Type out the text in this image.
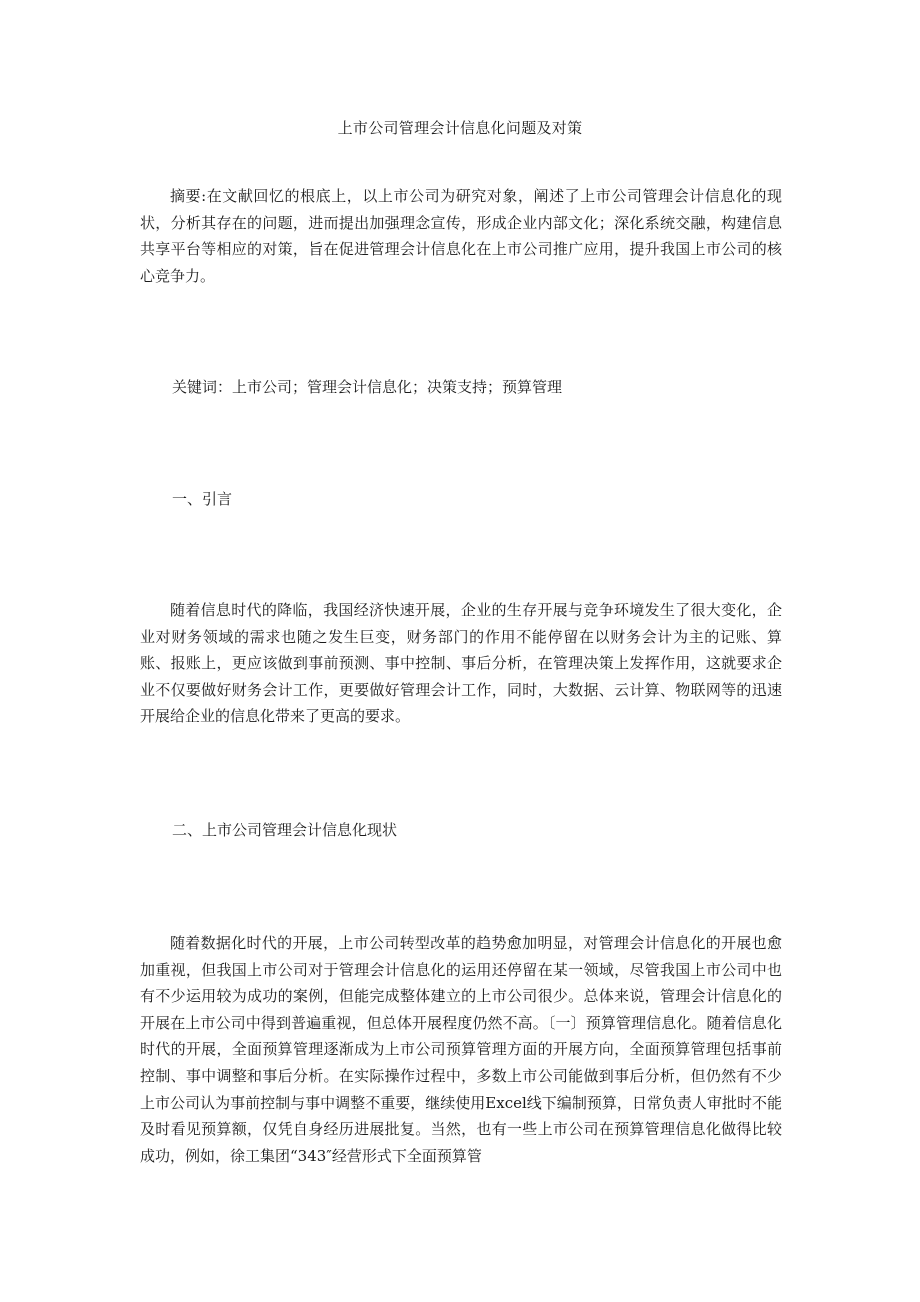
上市公司管理会计信息化问题及对策

摘要:在文献回忆的根底上，以上市公司为研究对象，阐述了上市公司管理会计信息化的现状，分析其存在的问题，进而提出加强理念宣传，形成企业内部文化；深化系统交融，构建信息共享平台等相应的对策，旨在促进管理会计信息化在上市公司推广应用，提升我国上市公司的核心竞争力。

关键词：上市公司；管理会计信息化；决策支持；预算管理

一、引言

随着信息时代的降临，我国经济快速开展，企业的生存开展与竞争环境发生了很大变化，企业对财务领域的需求也随之发生巨变，财务部门的作用不能停留在以财务会计为主的记账、算账、报账上，更应该做到事前预测、事中控制、事后分析，在管理决策上发挥作用，这就要求企业不仅要做好财务会计工作，更要做好管理会计工作，同时，大数据、云计算、物联网等的迅速开展给企业的信息化带来了更高的要求。

二、上市公司管理会计信息化现状

随着数据化时代的开展，上市公司转型改革的趋势愈加明显，对管理会计信息化的开展也愈加重视，但我国上市公司对于管理会计信息化的运用还停留在某一领域，尽管我国上市公司中也有不少运用较为成功的案例，但能完成整体建立的上市公司很少。总体来说，管理会计信息化的开展在上市公司中得到普遍重视，但总体开展程度仍然不高。〔一〕预算管理信息化。随着信息化时代的开展，全面预算管理逐渐成为上市公司预算管理方面的开展方向，全面预算管理包括事前控制、事中调整和事后分析。在实际操作过程中，多数上市公司能做到事后分析，但仍然有不少上市公司认为事前控制与事中调整不重要，继续使用Excel线下编制预算，日常负责人审批时不能及时看见预算额，仅凭自身经历进展批复。当然，也有一些上市公司在预算管理信息化做得比较成功，例如，徐工集团“343″经营形式下全面预算管
